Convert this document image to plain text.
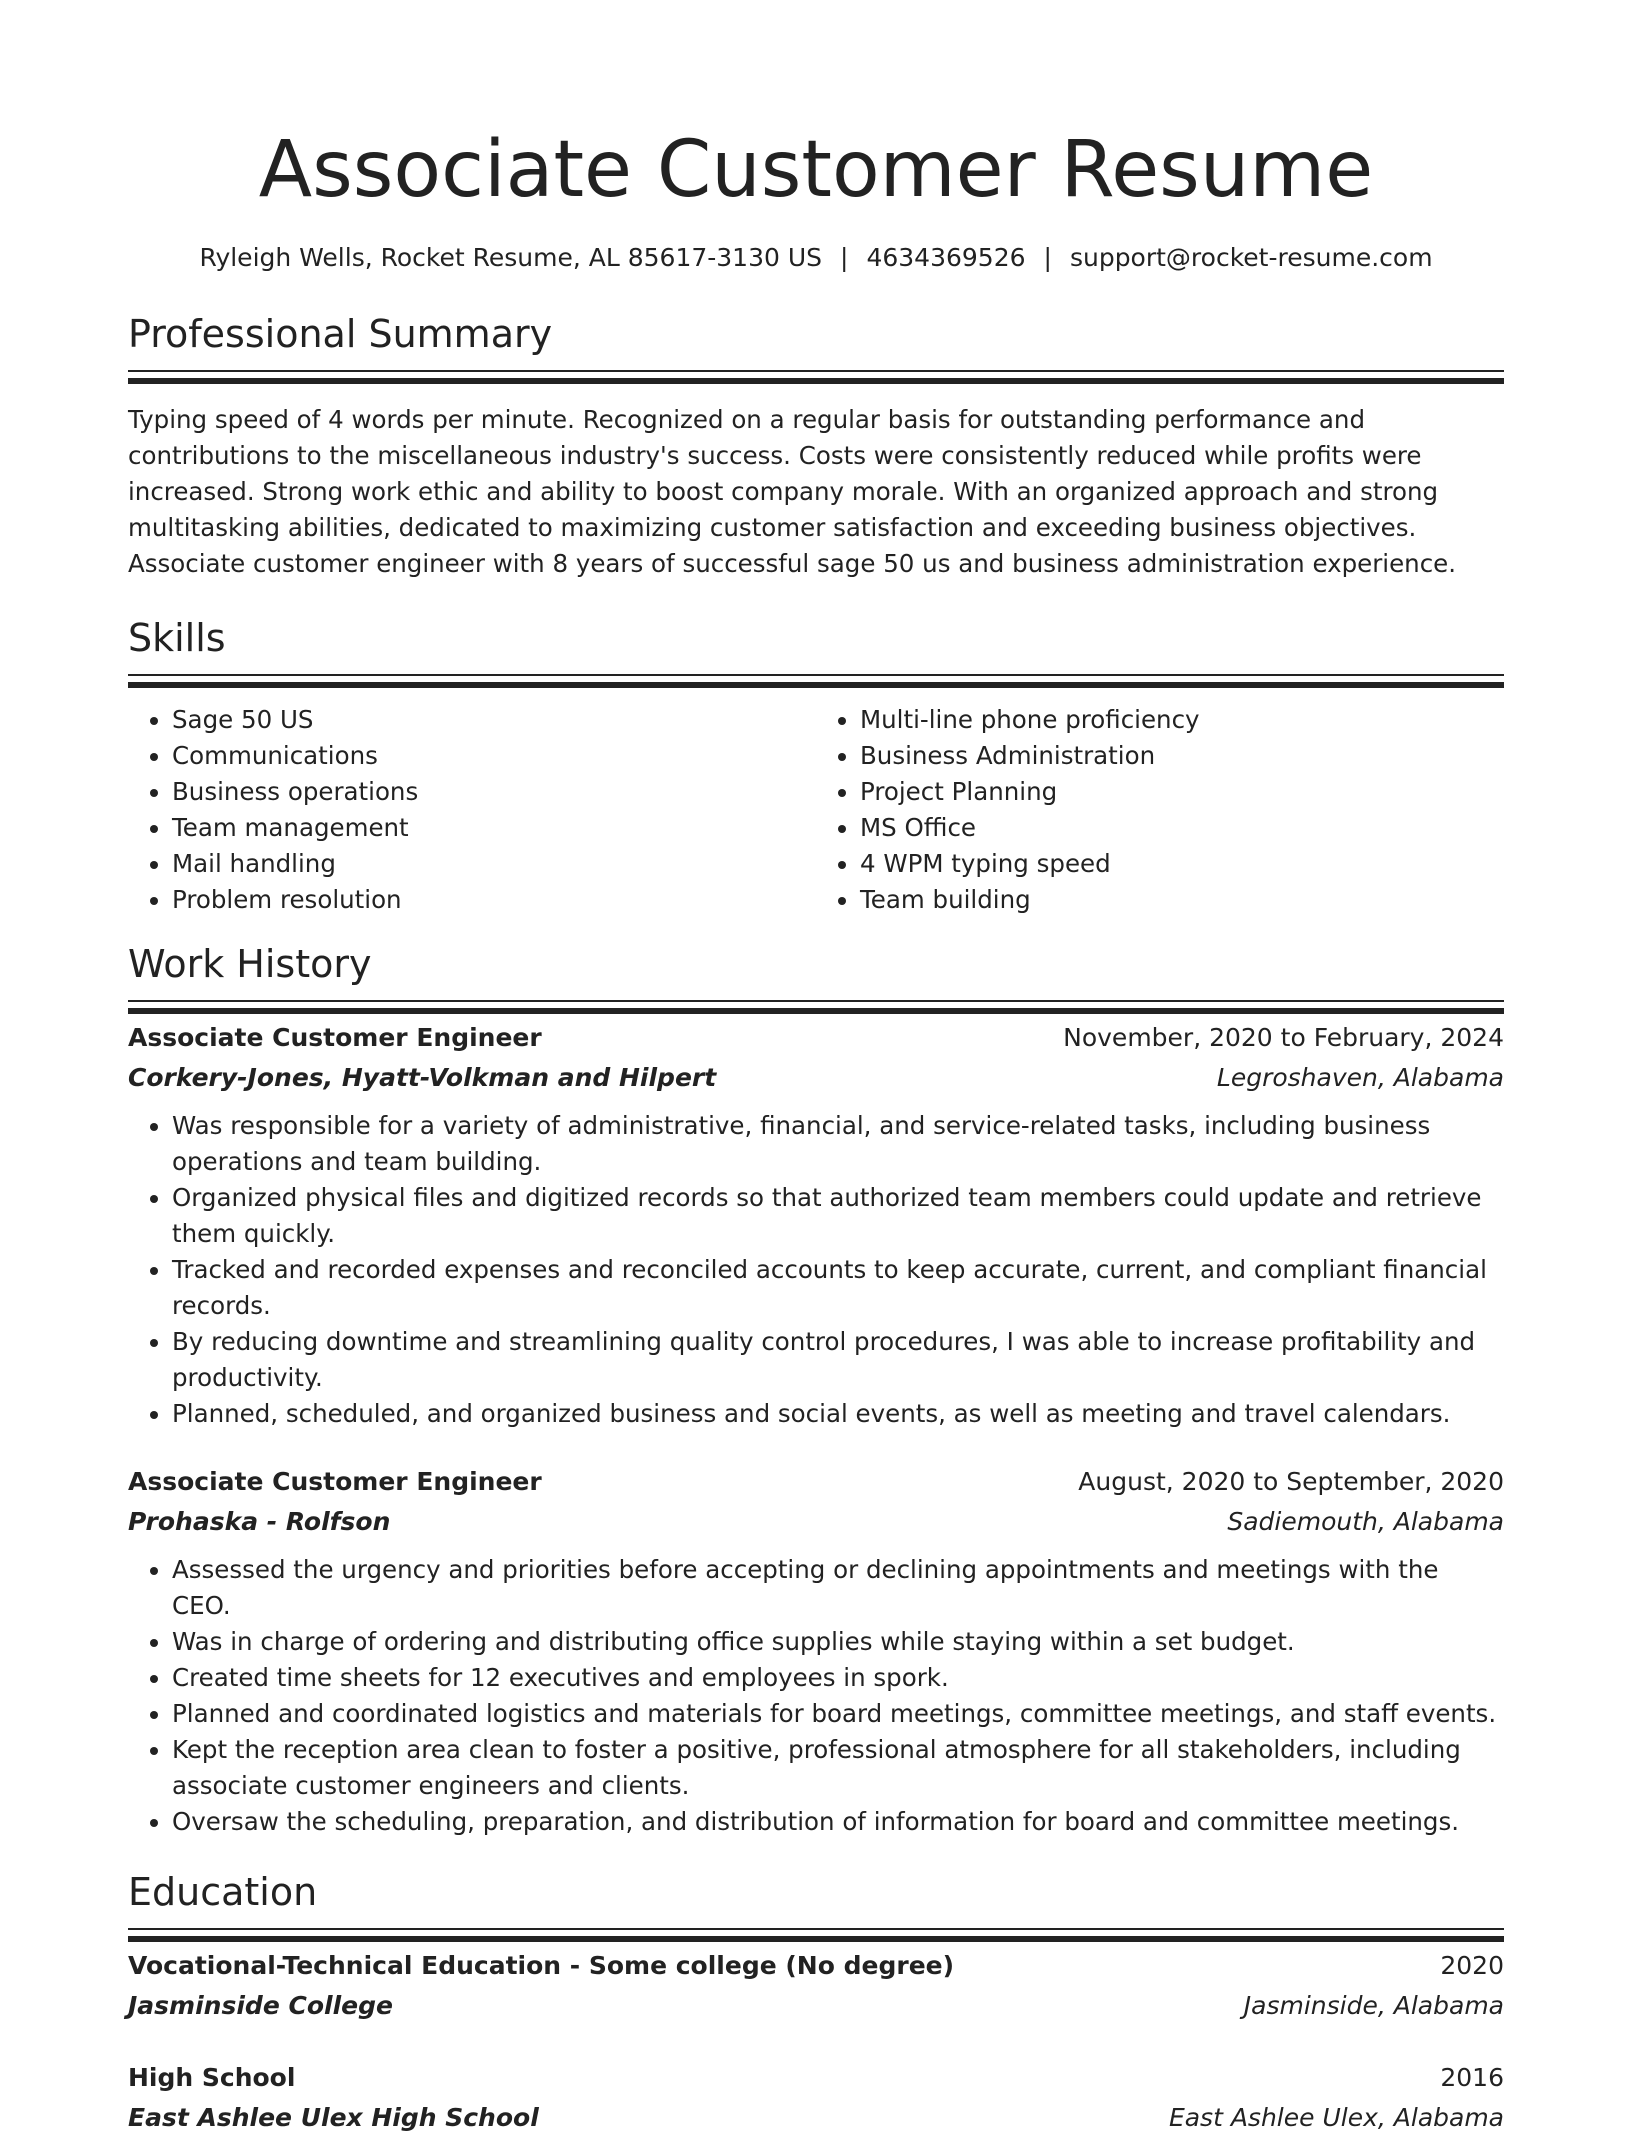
Associate Customer Resume
Ryleigh Wells, Rocket Resume, AL 85617-3130 US | 4634369526 | support@rocket-resume.com
Professional Summary

Typing speed of 4 words per minute. Recognized on a regular basis for outstanding performance and contributions to the miscellaneous industry's success. Costs were consistently reduced while profits were increased. Strong work ethic and ability to boost company morale. With an organized approach and strong multitasking abilities, dedicated to maximizing customer satisfaction and exceeding business objectives. Associate customer engineer with 8 years of successful sage 50 us and business administration experience.

Skills
• Sage 50 US
• Communications
• Business operations
• Team management
• Mail handling
• Problem resolution
• Multi-line phone proficiency
• Business Administration
• Project Planning
• MS Office
• 4 WPM typing speed
• Team building
Work History
Associate Customer Engineer	November, 2020 to February, 2024
Corkery-Jones, Hyatt-Volkman and Hilpert	Legroshaven, Alabama
• Was responsible for a variety of administrative, financial, and service-related tasks, including business operations and team building.
• Organized physical files and digitized records so that authorized team members could update and retrieve them quickly.
• Tracked and recorded expenses and reconciled accounts to keep accurate, current, and compliant financial records.
• By reducing downtime and streamlining quality control procedures, I was able to increase profitability and productivity.
• Planned, scheduled, and organized business and social events, as well as meeting and travel calendars.
Associate Customer Engineer	August, 2020 to September, 2020
Prohaska - Rolfson	Sadiemouth, Alabama
• Assessed the urgency and priorities before accepting or declining appointments and meetings with the CEO.
• Was in charge of ordering and distributing office supplies while staying within a set budget.
• Created time sheets for 12 executives and employees in spork.
• Planned and coordinated logistics and materials for board meetings, committee meetings, and staff events.
• Kept the reception area clean to foster a positive, professional atmosphere for all stakeholders, including associate customer engineers and clients.
• Oversaw the scheduling, preparation, and distribution of information for board and committee meetings.
Education
Vocational-Technical Education - Some college (No degree)	2020
Jasminside College	Jasminside, Alabama
High School	2016
East Ashlee Ulex High School	East Ashlee Ulex, Alabama
